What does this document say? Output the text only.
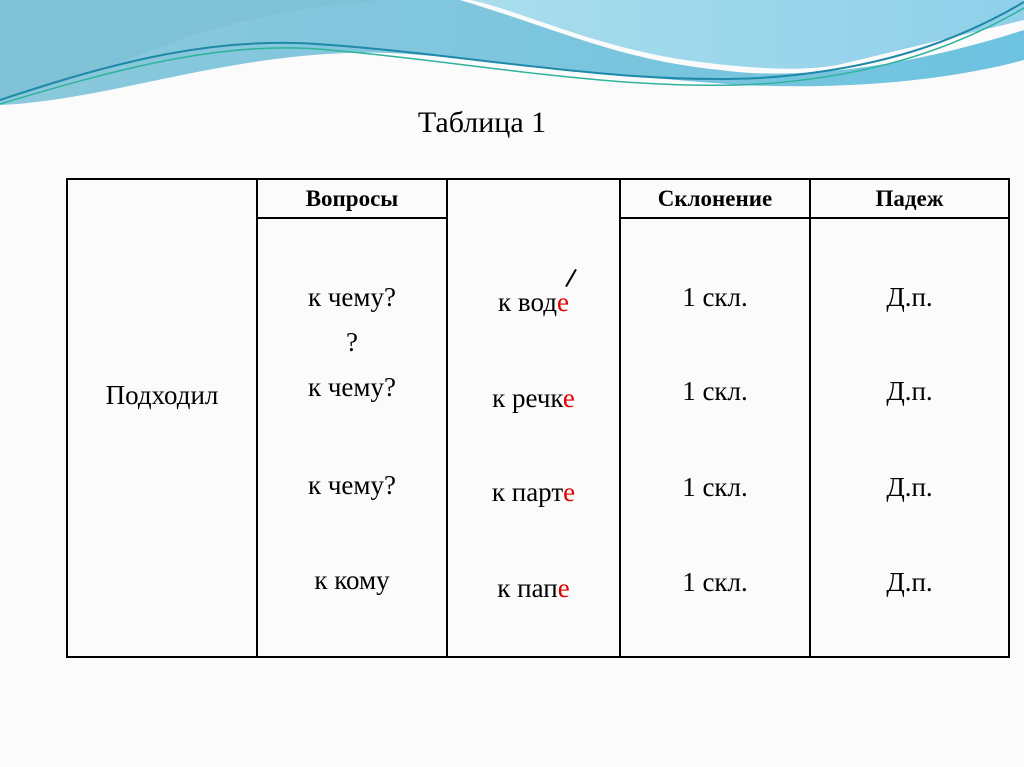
Таблица 1
Вопросы	Склонение	Падеж
Подходил
к чему?
?
к чему?
к чему?
к кому
к воде
к речке
к парте
к папе
1 скл.
1 скл.
1 скл.
1 скл.
Д.п.
Д.п.
Д.п.
Д.п.
